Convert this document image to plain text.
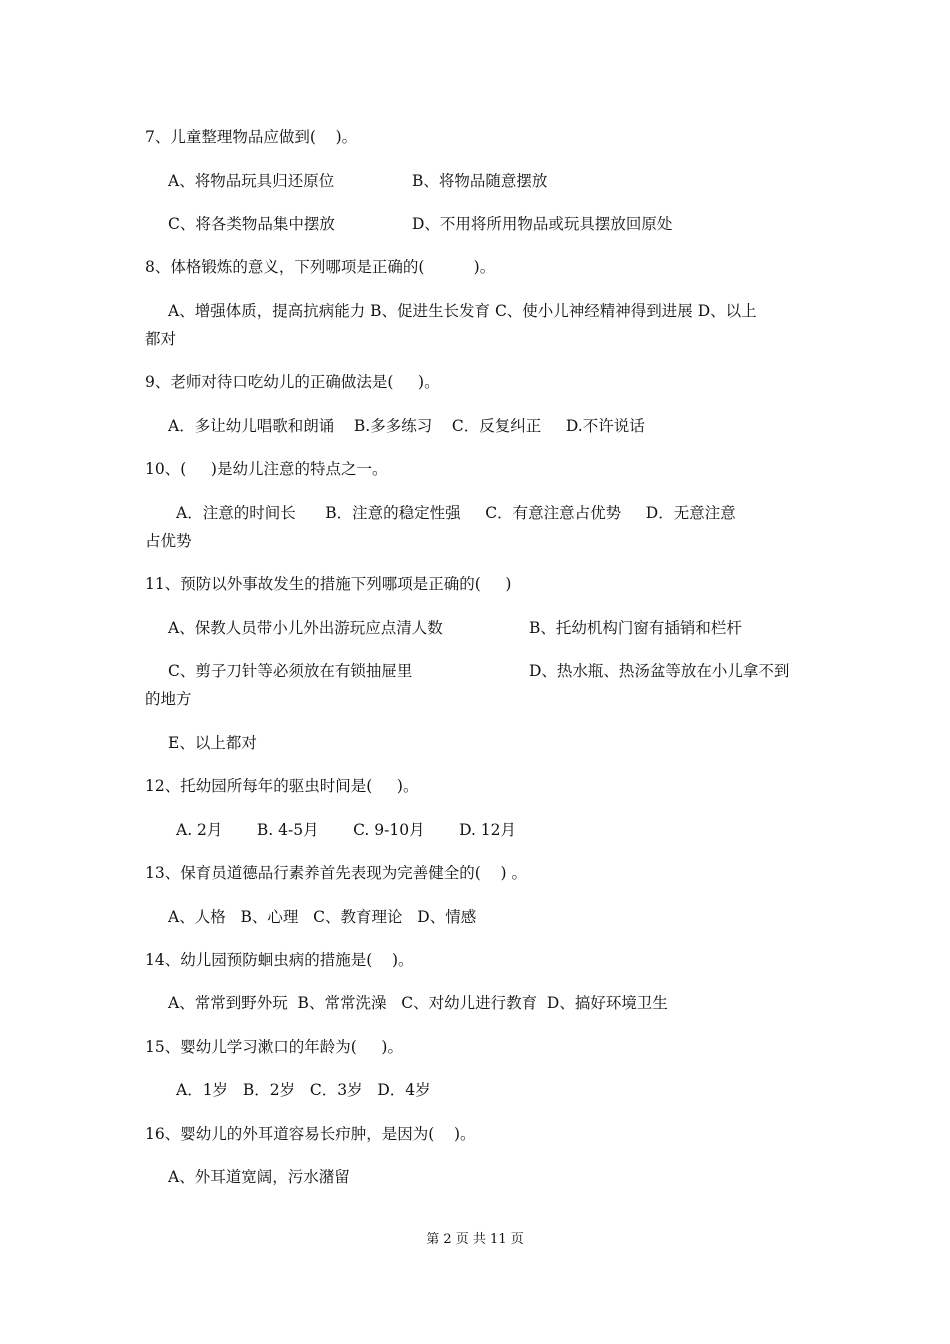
7、儿童整理物品应做到(    )。
A、将物品玩具归还原位	B、将物品随意摆放
C、将各类物品集中摆放	D、不用将所用物品或玩具摆放回原处
8、体格锻炼的意义，下列哪项是正确的(          )。
A、增强体质，提高抗病能力 B、促进生长发育 C、使小儿神经精神得到进展 D、以上
都对
9、老师对待口吃幼儿的正确做法是(     )。
A．多让幼儿唱歌和朗诵    B.多多练习    C．反复纠正     D.不许说话
10、(     )是幼儿注意的特点之一。
A．注意的时间长      B．注意的稳定性强     C．有意注意占优势     D．无意注意
占优势
11、预防以外事故发生的措施下列哪项是正确的(     )
A、保教人员带小儿外出游玩应点清人数	B、托幼机构门窗有插销和栏杆
C、剪子刀针等必须放在有锁抽屉里	D、热水瓶、热汤盆等放在小儿拿不到
的地方
E、以上都对
12、托幼园所每年的驱虫时间是(     )。
A. 2月       B. 4-5月       C. 9-10月       D. 12月
13、保育员道德品行素养首先表现为完善健全的(    ) 。
A、人格   B、心理   C、教育理论   D、情感
14、幼儿园预防蛔虫病的措施是(    )。
A、常常到野外玩  B、常常洗澡   C、对幼儿进行教育  D、搞好环境卫生
15、婴幼儿学习漱口的年龄为(     )。
A．1岁   B．2岁   C．3岁   D．4岁
16、婴幼儿的外耳道容易长疖肿，是因为(    )。
A、外耳道宽阔，污水潴留
第 2 页 共 11 页
